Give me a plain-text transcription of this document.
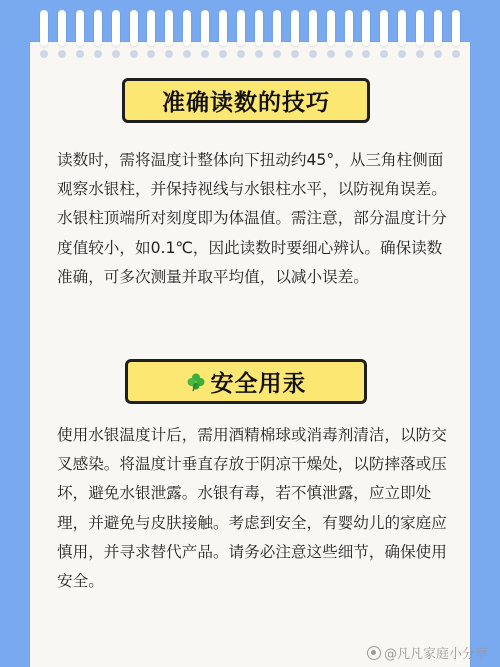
准确读数的技巧
读数时，需将温度计整体向下扭动约45°，从三角柱侧面观察水银柱，并保持视线与水银柱水平，以防视角误差。水银柱顶端所对刻度即为体温值。需注意，部分温度计分度值较小，如0.1℃，因此读数时要细心辨认。确保读数准确，可多次测量并取平均值，以减小误差。
安全用汞
使用水银温度计后，需用酒精棉球或消毒剂清洁，以防交叉感染。将温度计垂直存放于阴凉干燥处，以防摔落或压坏，避免水银泄露。水银有毒，若不慎泄露，应立即处理，并避免与皮肤接触。考虑到安全，有婴幼儿的家庭应慎用，并寻求替代产品。请务必注意这些细节，确保使用安全。
@凡凡家庭小分享
